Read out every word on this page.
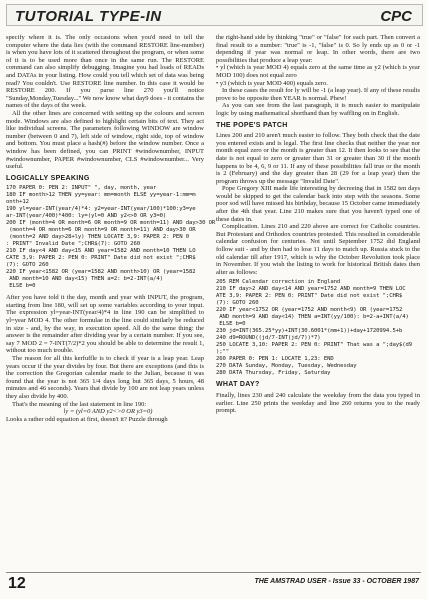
TUTORIAL TYPE-IN	CPC

specify where it is. The only occasions when you'd need to tell the computer where the data lies (with the command RESTORE line-number) is when you have lots of it scattered throughout the program, or when some of it is to be used more than once in the same run. The RESTORE command can also simplify debugging. Imagine you had loads of READs and DATAs in your listing. How could you tell which set of data was being read? You couldn't. Use RESTORE line number. In this case it would be RESTORE 200. If you parse line 270 you'll notice "Sunday,Monday,Tuesday..." We now know what day9 does - it contains the names of the days of the week.

All the other lines are concerned with setting up the colours and screen mode. Windows are also defined to highlight certain bits of text. They act like individual screens. The parameters following WINDOW are window number (between 0 and 7), left side of window, right side, top of window and bottom. You must place a hash(#) before the window number. Once a window has been defined, you can PRINT #windownumber, INPUT #windownumber, PAPER #windownumber, CLS #windownumber... Very useful.

LOGICALLY SPEAKING
170 PAPER 0: PEN 2: INPUT" ", day, month, year
180 IF month>12 THEN yy=year: mm=month ELSE yy=year-1:mm=m
onth+12
190 yl=year-INT(year/4)*4: y2=year-INT(year/100)*100:y3=ye
ar-INT(year/400)*400: ly=(yl=0 AND y2<>0 OR y3=0)
200 IF (month=4 OR month=6 OR month=9 OR month=11) AND day>30 OR
(month=4 OR month=6 OR month=9 OR month=11) AND day>30 OR
(month=2 AND day>28+ly) THEN LOCATE 3,9: PAPER 2: PEN 0
: PRINT" Invalid Date ";CHR$(7): GOTO 260
210 IF day<4 AND day<15 AND year=1582 AND month=10 THEN LO
CATE 3,9: PAPER 2: PEN 0: PRINT" Date did not exist ";CHR$
(7): GOTO 260
220 IF year<1582 OR (year=1582 AND month>10) OR (year=1582
AND month=10 AND day<15) THEN a=2: b=2-INT(a/4)
ELSE b=0

After you have told it the day, month and year with INPUT, the program, starting from line 180, will set up some variables according to your input. The expression yl=year-INT(year/4)*4 in line 190 can be simplified to yl=year MOD 4. The other formulae in the line could similarly be reduced in size - and, by the way, in execution speed. All do the same thing: the answer is the remainder after dividing year by a certain number. If you see, say 7 MOD 2 = 7-INT(7/2)*2 you should be able to determine the result 1, without too much trouble.

The reason for all this kerfuffle is to check if year is a leap year. Leap years occur if the year divides by four. But there are exceptions (and this is the correction the Gregorian calendar made to the Julian, because it was found that the year is not 365 1/4 days long but 365 days, 5 hours, 48 minutes and 46 seconds). Years that divide by 100 are not leap years unless they also divide by 400.

That's the meaning of the last statement in line 190:

ly = (yl=0 AND y2<>0 OR y3=0)

Looks a rather odd equation at first, doesn't it? Puzzle through

the right-hand side by thinking "true" or "false" for each part. Then convert a final result to a number: "true" is -1, "false" is 0. So ly ends up as 0 or -1 depending if year was normal or leap. In other words, there are two possibilities that produce a leap year:

• yl (which is year MOD 4) equals zero at the same time as y2 (which is year MOD 100) does not equal zero

• y3 (which is year MOD 400) equals zero.

In these cases the result for ly will be -1 (a leap year). If any of these results prove to be opposite then YEAR is normal. Phew!

As you can see from the last paragraph, it is much easier to manipulate logic by using mathematical shorthand than by waffling on in English.

THE POPE'S PATCH

Lines 200 and 210 aren't much easier to follow. They both check that the date you entered exists and is legal. The first line checks that neither the year nor month equal zero or the month is greater than 12. It then looks to see that the date is not equal to zero or greater than 31 or greater than 30 if the month happens to be 4, 6, 9 or 11. If any of these possibilities fall true or the month is 2 (February) and the day greater than 28 (29 for a leap year) then the program throws up the message "Invalid Date".

Pope Gregory XIII made life interesting by decreeing that in 1582 ten days would be skipped to get the calendar back into step with the seasons. Some poor sod will have missed his birthday, because 15 October came immediately after the 4th that year. Line 210 makes sure that you haven't typed one of these dates in.

Complication. Lines 210 and 220 above are correct for Catholic countries. But Protestant and Orthodox countries protested. This resulted in considerable calendar confusion for centuries. Not until September 1752 did England follow suit - and by then had to lose 11 days to match up. Russia stuck to the old calendar till after 1917, which is why the October Revolution took place in November. If you wish the listing to work for historical British dates then alter as follows:

205 REM Calendar correction in England
210 IF day>2 AND day<14 AND year=1752 AND month=9 THEN LOC
ATE 3,9: PAPER 2: PEN 0: PRINT" Date did not exist ";CHR$
(7): GOTO 260
220 IF year<1752 OR (year=1752 AND month<9) OR (year=1752
AND month=9 AND day<14) THEN a=INT(yy/100): b=2-a+INT(a/4)
ELSE b=0
230 jd=INT(365.25*yy)+INT(30.6001*(mm+1))+day+1720994.5+b
240 d9=ROUND((jd/7-INT(jd/7))*7)
250 LOCATE 3,10: PAPER 2: PEN 0: PRINT" That was a ";day$(d9
);""
260 PAPER 0: PEN 1: LOCATE 1,23: END
270 DATA Sunday, Monday, Tuesday, Wednesday
280 DATA Thursday, Friday, Saturday
WHAT DAY?

Finally, lines 230 and 240 calculate the weekday from the data you typed in earlier. Line 250 prints the weekday and line 260 returns you to the ready prompt.

12	THE AMSTRAD USER - Issue 33 - OCTOBER 1987
